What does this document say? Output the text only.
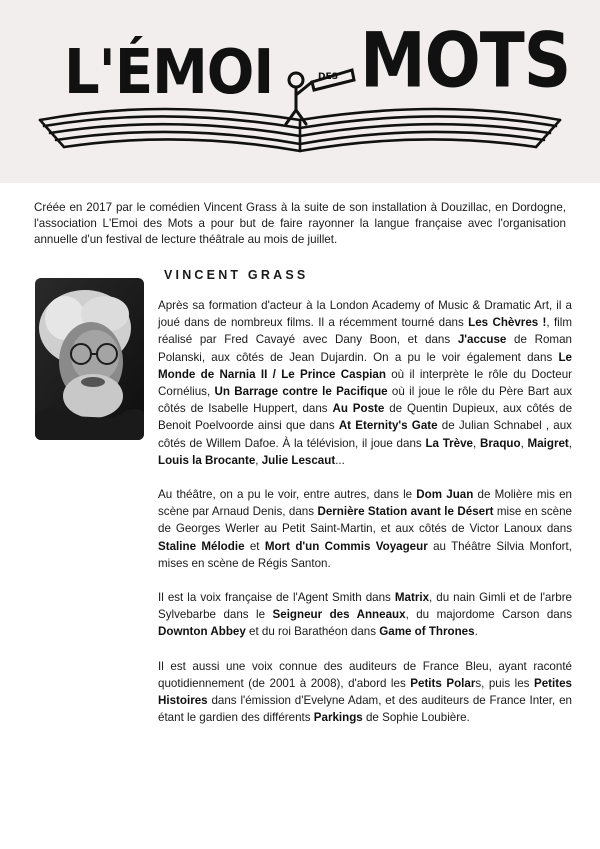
L'ÉMOI	DES MOTS
Créée en 2017 par le comédien Vincent Grass à la suite de son installation à Douzillac, en Dordogne, l'association L'Emoi des Mots a pour but de faire rayonner la langue française avec l'organisation annuelle d'un festival de lecture théâtrale au mois de juillet.
VINCENT GRASS

Après sa formation d'acteur à la London Academy of Music & Dramatic Art, il a joué dans de nombreux films. Il a récemment tourné dans Les Chèvres !, film réalisé par Fred Cavayé avec Dany Boon, et dans J'accuse de Roman Polanski, aux côtés de Jean Dujardin. On a pu le voir également dans Le Monde de Narnia II / Le Prince Caspian où il interprète le rôle du Docteur Cornélius, Un Barrage contre le Pacifique où il joue le rôle du Père Bart aux côtés de Isabelle Huppert, dans Au Poste de Quentin Dupieux, aux côtés de Benoit Poelvoorde ainsi que dans At Eternity's Gate de Julian Schnabel , aux côtés de Willem Dafoe. À la télévision, il joue dans La Trève, Braquo, Maigret, Louis la Brocante, Julie Lescaut...

Au théâtre, on a pu le voir, entre autres, dans le Dom Juan de Molière mis en scène par Arnaud Denis, dans Dernière Station avant le Désert mise en scène de Georges Werler au Petit Saint-Martin, et aux côtés de Victor Lanoux dans Staline Mélodie et Mort d'un Commis Voyageur au Théâtre Silvia Monfort, mises en scène de Régis Santon.

Il est la voix française de l'Agent Smith dans Matrix, du nain Gimli et de l'arbre Sylvebarbe dans le Seigneur des Anneaux, du majordome Carson dans Downton Abbey et du roi Barathéon dans Game of Thrones.

Il est aussi une voix connue des auditeurs de France Bleu, ayant raconté quotidiennement (de 2001 à 2008), d'abord les Petits Polars, puis les Petites Histoires dans l'émission d'Evelyne Adam, et des auditeurs de France Inter, en étant le gardien des différents Parkings de Sophie Loubière.
